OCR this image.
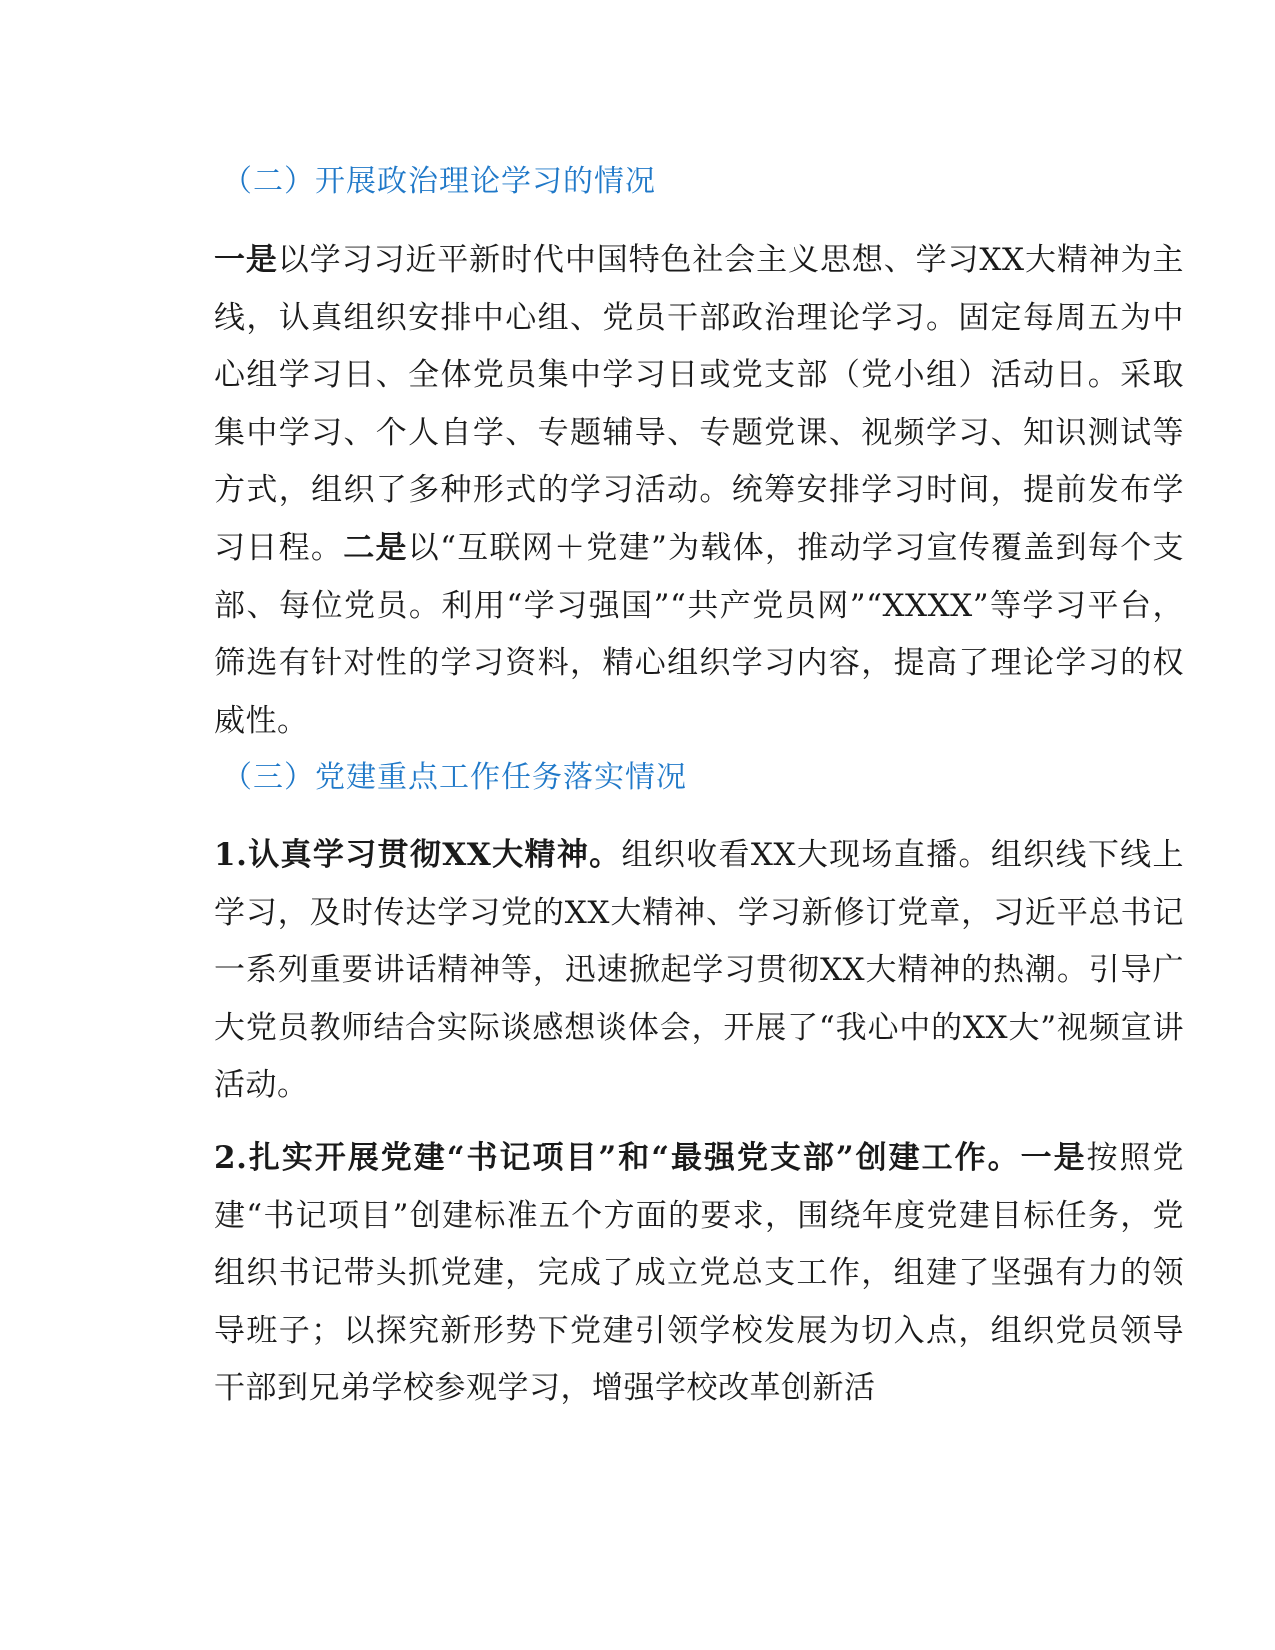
（二）开展政治理论学习的情况
一是以学习习近平新时代中国特色社会主义思想、学习XX大精神为主线，认真组织安排中心组、党员干部政治理论学习。固定每周五为中心组学习日、全体党员集中学习日或党支部（党小组）活动日。采取集中学习、个人自学、专题辅导、专题党课、视频学习、知识测试等方式，组织了多种形式的学习活动。统筹安排学习时间，提前发布学习日程。二是以“互联网＋党建”为载体，推动学习宣传覆盖到每个支部、每位党员。利用“学习强国”“共产党员网”“XXXX”等学习平台，筛选有针对性的学习资料，精心组织学习内容，提高了理论学习的权威性。
（三）党建重点工作任务落实情况
1.认真学习贯彻XX大精神。组织收看XX大现场直播。组织线下线上学习，及时传达学习党的XX大精神、学习新修订党章，习近平总书记一系列重要讲话精神等，迅速掀起学习贯彻XX大精神的热潮。引导广大党员教师结合实际谈感想谈体会，开展了“我心中的XX大”视频宣讲活动。
2.扎实开展党建“书记项目”和“最强党支部”创建工作。一是按照党建“书记项目”创建标准五个方面的要求，围绕年度党建目标任务，党组织书记带头抓党建，完成了成立党总支工作，组建了坚强有力的领导班子；以探究新形势下党建引领学校发展为切入点，组织党员领导干部到兄弟学校参观学习，增强学校改革创新活
